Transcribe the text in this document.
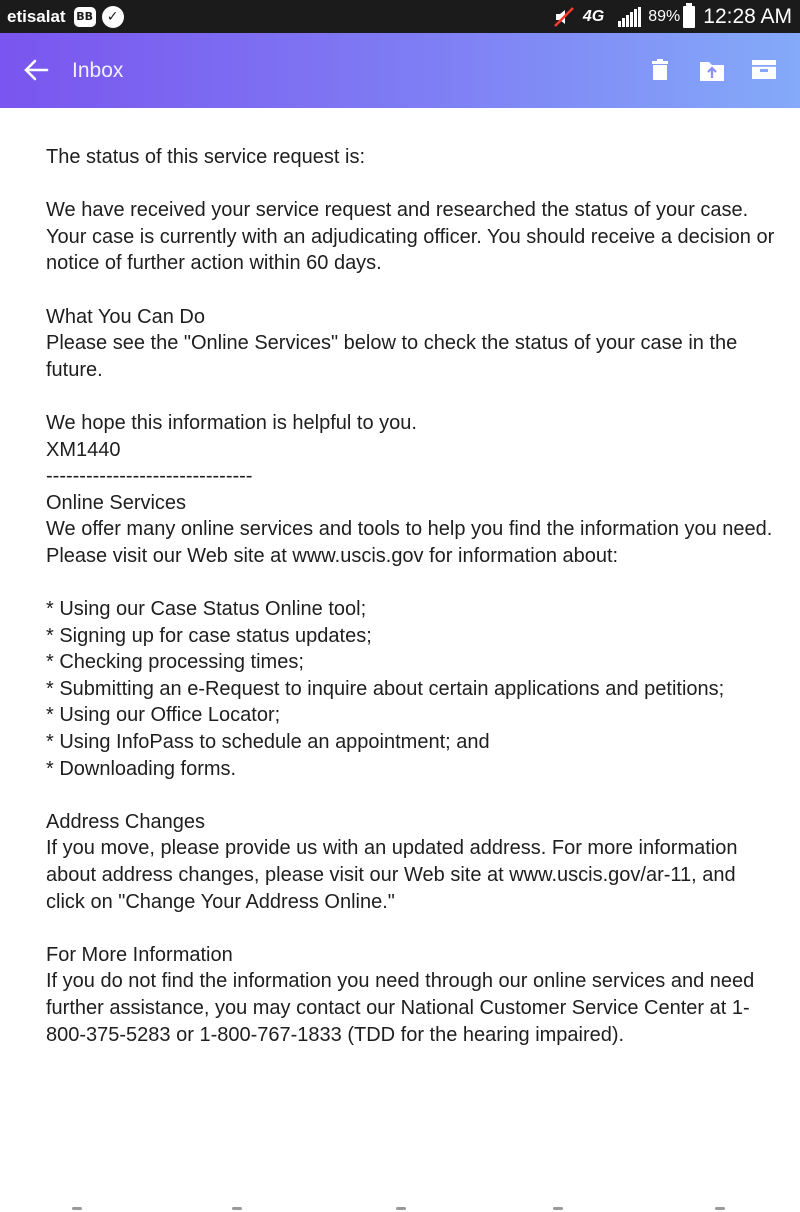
etisalat BB ✓	4G	89% 12:28 AM
Inbox
The status of this service request is:

We have received your service request and researched the status of your case. Your case is currently with an adjudicating officer. You should receive a decision or notice of further action within 60 days.

What You Can Do
Please see the "Online Services" below to check the status of your case in the future.

We hope this information is helpful to you.
XM1440
-------------------------------
Online Services
We offer many online services and tools to help you find the information you need. Please visit our Web site at www.uscis.gov for information about:

* Using our Case Status Online tool;
* Signing up for case status updates;
* Checking processing times;
* Submitting an e-Request to inquire about certain applications and petitions;
* Using our Office Locator;
* Using InfoPass to schedule an appointment; and
* Downloading forms.

Address Changes
If you move, please provide us with an updated address. For more information about address changes, please visit our Web site at www.uscis.gov/ar-11, and click on "Change Your Address Online."

For More Information
If you do not find the information you need through our online services and need further assistance, you may contact our National Customer Service Center at 1-800-375-5283 or 1-800-767-1833 (TDD for the hearing impaired).
